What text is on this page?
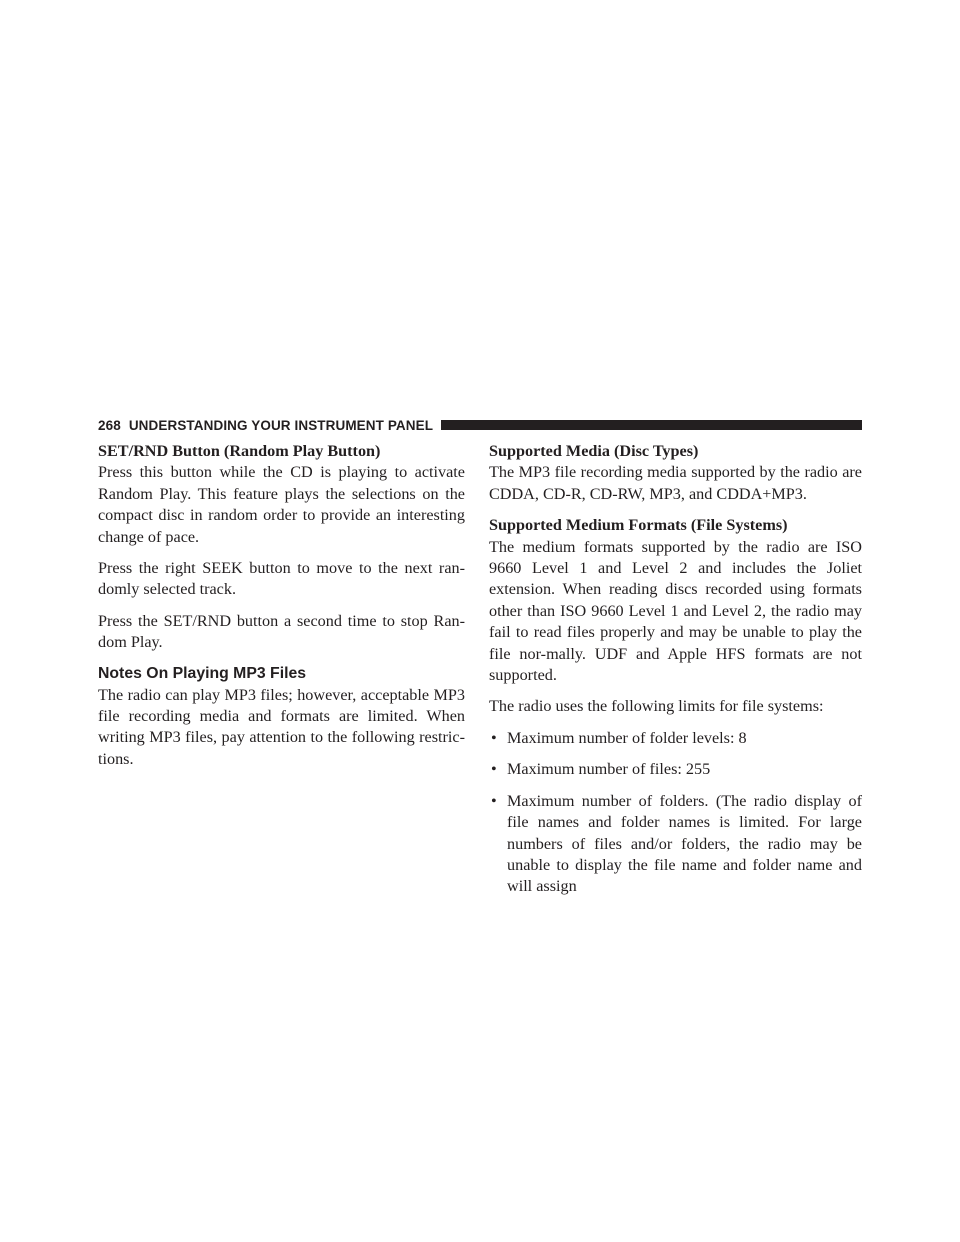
268 UNDERSTANDING YOUR INSTRUMENT PANEL
SET/RND Button (Random Play Button)

Press this button while the CD is playing to activate Random Play. This feature plays the selections on the compact disc in random order to provide an interesting change of pace.

Press the right SEEK button to move to the next ran-domly selected track.

Press the SET/RND button a second time to stop Ran-dom Play.

Notes On Playing MP3 Files

The radio can play MP3 files; however, acceptable MP3 file recording media and formats are limited. When writing MP3 files, pay attention to the following restric-tions.

Supported Media (Disc Types)

The MP3 file recording media supported by the radio are CDDA, CD-R, CD-RW, MP3, and CDDA+MP3.

Supported Medium Formats (File Systems)

The medium formats supported by the radio are ISO 9660 Level 1 and Level 2 and includes the Joliet extension. When reading discs recorded using formats other than ISO 9660 Level 1 and Level 2, the radio may fail to read files properly and may be unable to play the file nor-mally. UDF and Apple HFS formats are not supported.

The radio uses the following limits for file systems:

• Maximum number of folder levels: 8
• Maximum number of files: 255
• Maximum number of folders. (The radio display of file names and folder names is limited. For large numbers of files and/or folders, the radio may be unable to display the file name and folder name and will assign
